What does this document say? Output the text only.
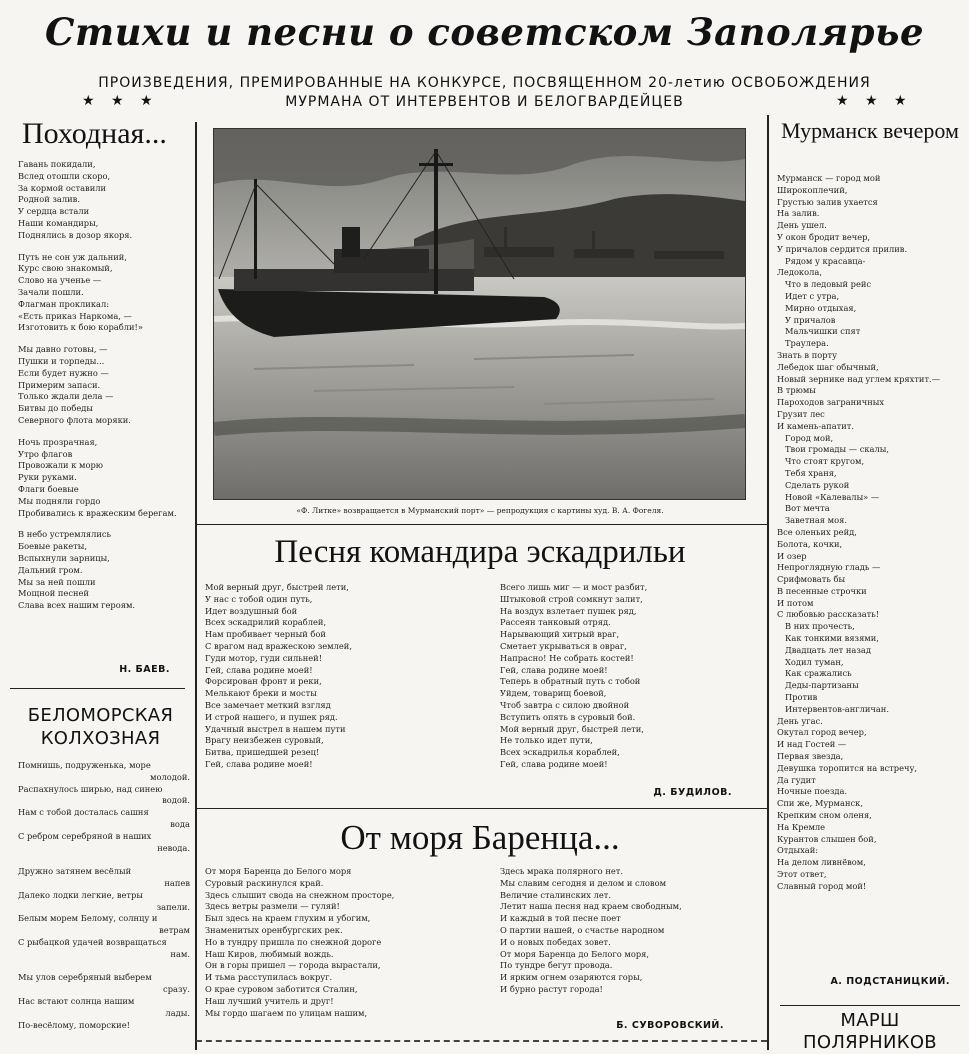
Стихи и песни о советском Заполярье
ПРОИЗВЕДЕНИЯ, ПРЕМИРОВАННЫЕ НА КОНКУРСЕ, ПОСВЯЩЕННОМ 20-летию ОСВОБОЖДЕНИЯ
МУРМАНА ОТ ИНТЕРВЕНТОВ И БЕЛОГВАРДЕЙЦЕВ
★ ★ ★	★ ★ ★
Походная...
Гавань покидали,
Вслед отошли скоро,
За кормой оставили
Родной залив.
У сердца встали
Наши командиры,
Поднялись в дозор якоря.
Путь не сон уж дальний,
Курс свою знакомый,
Слово на ученье —
Зачали пошли.
Флагман прокликал:
«Есть приказ Наркома, —
Изготовить к бою корабли!»
Мы давно готовы, —
Пушки и торпеды...
Если будет нужно —
Примерим запаси.
Только ждали дела —
Битвы до победы
Северного флота моряки.
Ночь прозрачная,
Утро флагов
Провожали к морю
Руки руками.
Флаги боевые
Мы подняли гордо
Пробивались к вражеским берегам.
В небо устремлялись
Боевые ракеты,
Вспыхнули зарницы,
Дальний гром.
Мы за ней пошли
Мощной песней
Слава всех нашим героям.
Н. БАЕВ.
БЕЛОМОРСКАЯ КОЛХОЗНАЯ
Помнишь, подруженька, море
молодой.
Распахнулось ширью, над синею
водой.
Нам с тобой досталась сашня
вода
С ребром серебряной в наших
невода.

Дружно затянем весёлый
напев
Далеко лодки легкие, ветры
запели.
Белым морем Белому, солнцу и
ветрам
С рыбацкой удачей возвращаться
нам.

Мы улов серебряный выберем
сразу.
Нас встают солнца нашим
лады.
По-весёлому, поморские!
«Ф. Литке» возвращается в Мурманский порт» — репродукция с картины худ. В. А. Фогеля.
Песня командира эскадрильи
Мой верный друг, быстрей лети,
У нас с тобой один путь,
Идет воздушный бой
Всех эскадрилий кораблей,
Нам пробивает черный бой
С врагом над вражескою землей,
Гуди мотор, гуди сильней!
Гей, слава родине моей!
Форсирован фронт и реки,
Мелькают бреки и мосты
Все замечает меткий взгляд
И строй нашего, и пушек ряд.
Удачный выстрел в нашем пути
Врагу неизбежен суровый,
Битва, пришедшей резец!
Гей, слава родине моей!
Всего лишь миг — и мост разбит,
Штыковой строй сомкнут залит,
На воздух взлетает пушек ряд,
Рассеян танковый отряд.
Нарывающий хитрый враг,
Сметает укрываться в овраг,
Напрасно! Не собрать костей!
Гей, слава родине моей!
Теперь в обратный путь с тобой
Уйдем, товарищ боевой,
Чтоб завтра с силою двойной
Вступить опять в суровый бой.
Мой верный друг, быстрей лети,
Не только идет пути,
Всех эскадрилья кораблей,
Гей, слава родине моей!
Д. БУДИЛОВ.
От моря Баренца...
От моря Баренца до Белого моря
Суровый раскинулся край.
Здесь слышит свода на снежном просторе,
Здесь ветры размели — гуляй!
Был здесь на краем глухим и убогим,
Знаменитых оренбургских рек.
Но в тундру пришла по снежной дороге
Наш Киров, любимый вождь.
Он в горы пришел — города вырастали,
И тьма расступилась вокруг.
О крае суровом заботится Сталин,
Наш лучший учитель и друг!
Мы гордо шагаем по улицам нашим,
Здесь мрака полярного нет.
Мы славим сегодня и делом и словом
Величие сталинских лет.
Летит наша песня над краем свободным,
И каждый в той песне поет
О партии нашей, о счастье народном
И о новых победах зовет.
От моря Баренца до Белого моря,
По тундре бегут провода.
И ярким огнем озаряются горы,
И бурно растут города!
Б. СУВОРОВСКИЙ.
Мурманск вечером
Мурманск — город мой
Широкоплечий,
Грустью залив ухается
На залив.
День ушел.
У окон бродит вечер,
У причалов сердится прилив.
Рядом у красавца-
Ледокола,
Что в ледовый рейс
Идет с утра,
Мирно отдыхая,
У причалов
Мальчишки спят
Траулера.
Знать в порту
Лебедок шаг обычный,
Новый зернике над углем кряхтит.—
В трюмы
Пароходов заграничных
Грузит лес
И камень-апатит.
Город мой,
Твои громады — скалы,
Что стоят кругом,
Тебя храня,
Сделать рукой
Новой «Калевалы» —
Вот мечта
Заветная моя.
Все оленьих рейд,
Болота, кочки,
И озер
Непроглядную гладь —
Срифмовать бы
В песенные строчки
И потом
С любовью рассказать!
В них прочесть,
Как тонкими вязями,
Двадцать лет назад
Ходил туман,
Как сражались
Деды-партизаны
Против
Интервентов-англичан.
День угас.
Окутал город вечер,
И над Гостей —
Первая звезда,
Девушка торопится на встречу,
Да гудит
Ночные поезда.
Спи же, Мурманск,
Крепким сном оленя,
На Кремле
Курантов слышен бой,
Отдыхай:
На делом ливнёвом,
Этот ответ,
Славный город мой!
А. ПОДСТАНИЦКИЙ.
МАРШ ПОЛЯРНИКОВ
